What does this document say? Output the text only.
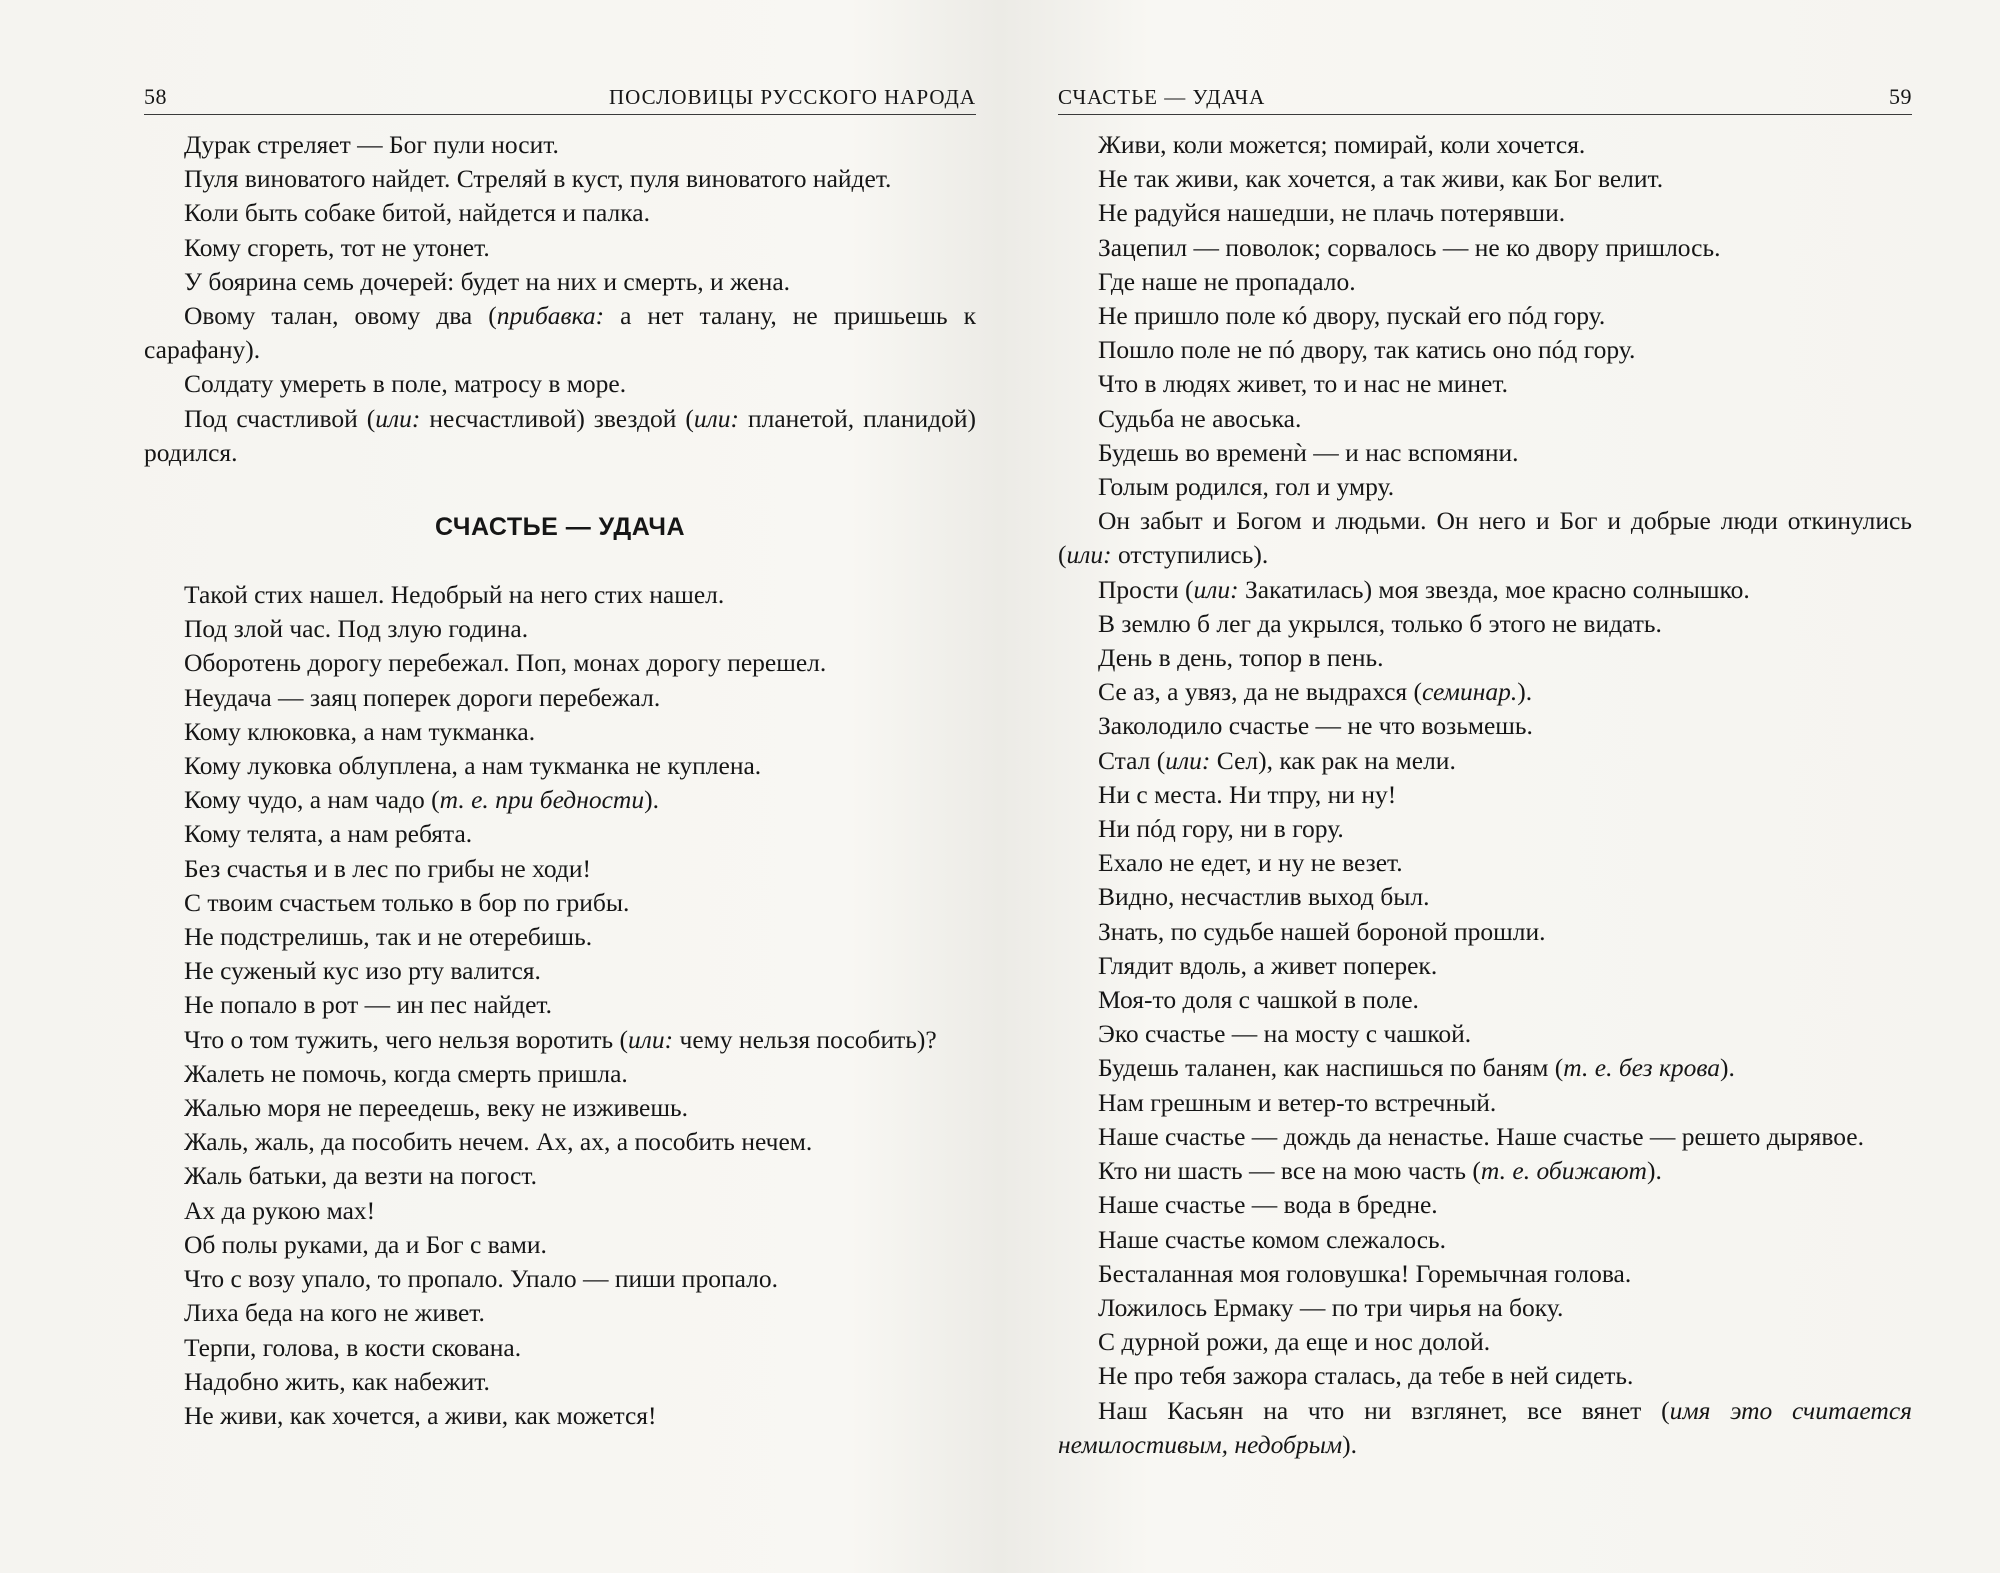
58	ПОСЛОВИЦЫ РУССКОГО НАРОДА

Дурак стреляет — Бог пули носит.

Пуля виноватого найдет. Стреляй в куст, пуля виноватого найдет.

Коли быть собаке битой, найдется и палка.

Кому сгореть, тот не утонет.

У боярина семь дочерей: будет на них и смерть, и жена.

Овому талан, овому два (прибавка: а нет талану, не пришьешь к сарафану).

Солдату умереть в поле, матросу в море.

Под счастливой (или: несчастливой) звездой (или: планетой, планидой) родился.

СЧАСТЬЕ — УДАЧА

Такой стих нашел. Недобрый на него стих нашел.

Под злой час. Под злую година.

Оборотень дорогу перебежал. Поп, монах дорогу перешел.

Неудача — заяц поперек дороги перебежал.

Кому клюковка, а нам тукманка.

Кому луковка облуплена, а нам тукманка не куплена.

Кому чудо, а нам чадо (т. е. при бедности).

Кому телята, а нам ребята.

Без счастья и в лес по грибы не ходи!

С твоим счастьем только в бор по грибы.

Не подстрелишь, так и не отеребишь.

Не суженый кус изо рту валится.

Не попало в рот — ин пес найдет.

Что о том тужить, чего нельзя воротить (или: чему нельзя пособить)?

Жалеть не помочь, когда смерть пришла.

Жалью моря не переедешь, веку не изживешь.

Жаль, жаль, да пособить нечем. Ах, ах, а пособить нечем.

Жаль батьки, да везти на погост.

Ах да рукою мах!

Об полы руками, да и Бог с вами.

Что с возу упало, то пропало. Упало — пиши пропало.

Лиха беда на кого не живет.

Терпи, голова, в кости скована.

Надобно жить, как набежит.

Не живи, как хочется, а живи, как можется!

СЧАСТЬЕ — УДАЧА	59

Живи, коли можется; помирай, коли хочется.

Не так живи, как хочется, а так живи, как Бог велит.

Не радуйся нашедши, не плачь потерявши.

Зацепил — поволок; сорвалось — не ко двору пришлось.

Где наше не пропадало.

Не пришло поле кó двору, пускай его пóд гору.

Пошло поле не пó двору, так катись оно пóд гору.

Что в людях живет, то и нас не минет.

Судьба не авоська.

Будешь во временѝ — и нас вспомяни.

Голым родился, гол и умру.

Он забыт и Богом и людьми. Он него и Бог и добрые люди откинулись (или: отступились).

Прости (или: Закатилась) моя звезда, мое красно солнышко.

В землю б лег да укрылся, только б этого не видать.

День в день, топор в пень.

Се аз, а увяз, да не выдрахся (семинар.).

Заколодило счастье — не что возьмешь.

Стал (или: Сел), как рак на мели.

Ни с места. Ни тпру, ни ну!

Ни пóд гору, ни в гору.

Ехало не едет, и ну не везет.

Видно, несчастлив выход был.

Знать, по судьбе нашей бороной прошли.

Глядит вдоль, а живет поперек.

Моя-то доля с чашкой в поле.

Эко счастье — на мосту с чашкой.

Будешь таланен, как наспишься по баням (т. е. без крова).

Нам грешным и ветер-то встречный.

Наше счастье — дождь да ненастье. Наше счастье — решето дырявое.

Кто ни шасть — все на мою часть (т. е. обижают).

Наше счастье — вода в бредне.

Наше счастье комом слежалось.

Бесталанная моя головушка! Горемычная голова.

Ложилось Ермаку — по три чирья на боку.

С дурной рожи, да еще и нос долой.

Не про тебя зажора сталась, да тебе в ней сидеть.

Наш Касьян на что ни взглянет, все вянет (имя это считается немилостивым, недобрым).
